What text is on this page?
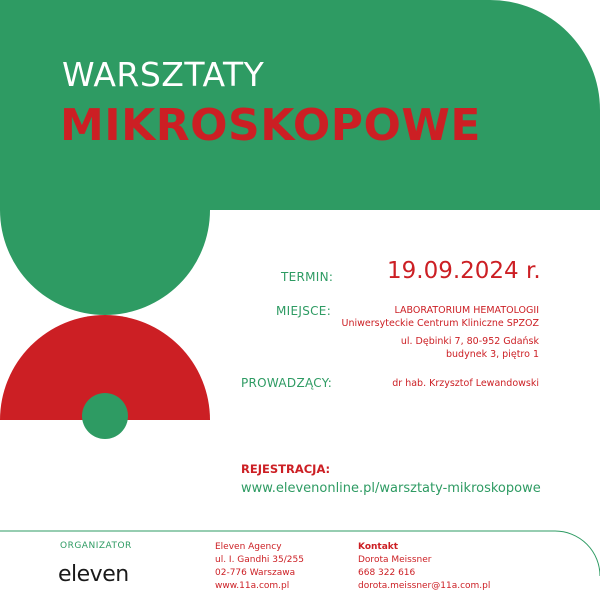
WARSZTATY
MIKROSKOPOWE
TERMIN: 19.09.2024 r.
MIEJSCE:	LABORATORIUM HEMATOLOGII
Uniwersyteckie Centrum Kliniczne SPZOZ
ul. Dębinki 7, 80-952 Gdańsk
budynek 3, piętro 1
PROWADZĄCY:	dr hab. Krzysztof Lewandowski
REJESTRACJA:
www.elevenonline.pl/warsztaty-mikroskopowe
ORGANIZATOR
eleven
Eleven Agency
ul. I. Gandhi 35/255
02-776 Warszawa
www.11a.com.pl
Kontakt
Dorota Meissner
668 322 616
dorota.meissner@11a.com.pl
